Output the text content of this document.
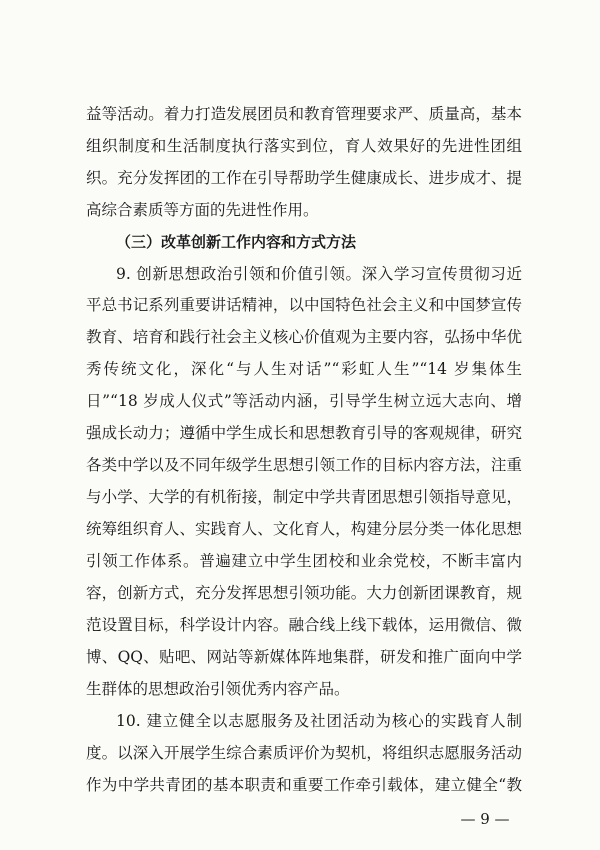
益等活动。着力打造发展团员和教育管理要求严、质量高，基本
组织制度和生活制度执行落实到位，育人效果好的先进性团组
织。充分发挥团的工作在引导帮助学生健康成长、进步成才、提
高综合素质等方面的先进性作用。
（三）改革创新工作内容和方式方法
9. 创新思想政治引领和价值引领。深入学习宣传贯彻习近
平总书记系列重要讲话精神，以中国特色社会主义和中国梦宣传
教育、培育和践行社会主义核心价值观为主要内容，弘扬中华优
秀传统文化，深化“与人生对话”“彩虹人生”“14 岁集体生
日”“18 岁成人仪式”等活动内涵，引导学生树立远大志向、增
强成长动力；遵循中学生成长和思想教育引导的客观规律，研究
各类中学以及不同年级学生思想引领工作的目标内容方法，注重
与小学、大学的有机衔接，制定中学共青团思想引领指导意见，
统筹组织育人、实践育人、文化育人，构建分层分类一体化思想
引领工作体系。普遍建立中学生团校和业余党校，不断丰富内
容，创新方式，充分发挥思想引领功能。大力创新团课教育，规
范设置目标，科学设计内容。融合线上线下载体，运用微信、微
博、QQ、贴吧、网站等新媒体阵地集群，研发和推广面向中学
生群体的思想政治引领优秀内容产品。
10. 建立健全以志愿服务及社团活动为核心的实践育人制
度。以深入开展学生综合素质评价为契机，将组织志愿服务活动
作为中学共青团的基本职责和重要工作牵引载体，建立健全“教
— 9 —
